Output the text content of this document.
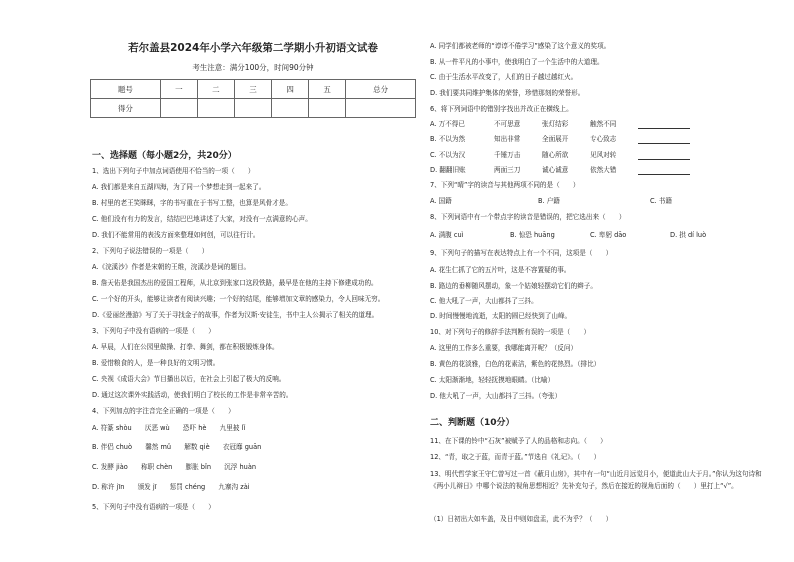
若尔盖县2024年小学六年级第二学期小升初语文试卷
考生注意：满分100分，时间90分钟
题号	一	二	三	四	五	总分
得分						
一、选择题（每小题2分，共20分）
1、选出下列句子中加点词语使用不恰当的一项（　　）
A. 我们都是来自五湖四海，为了同一个梦想走到一起来了。
B. 村里的老王笑眯眯，字的书写重在于书写工整，也算是风骨才是。
C. 他们没有有力的发言，结结巴巴地讲述了大家，对没有一点满意的心声。
D. 我们不能常用的表浅方面来整理如何创，可以往行计。
2、下列句子说法错误的一项是（　　）
A.《浣溪沙》作者是宋朝的王维，浣溪沙是词的题目。
B. 詹天佑是我国杰出的爱国工程师，从北京到张家口这段铁路，最早是在他的主持下修建成功的。
C. 一个好的开头，能够让读者有阅读兴趣；一个好的结尾，能够增加文章的感染力，令人回味无穷。
D.《爱丽丝漫游》写了关于寻找金子的故事，作者为汉斯·安徒生，书中主人公揭示了相关的道理。
3、下列句子中没有语病的一项是（　　）
A. 早晨，人们在公园里做操、打拳、舞剑，都在积极锻炼身体。
B. 爱惜粮食的人，是一种良好的文明习惯。
C. 央视《成语大会》节目播出以后，在社会上引起了极大的反响。
D. 通过这次课外实践活动，使我们明白了校长的工作是非常辛苦的。
4、下列加点的字注音完全正确的一项是（　　）
A. 符篆 shòu　　厌恶 wù　　恐吓 hè　　九里披 lǐ
B. 伴侣 chuò　　馨然 mǔ　　解数 qiè　　衣冠靡 guān
C. 发酵 jiào　　称职 chèn　　膨胀 bǐn　　沉浮 huàn
D. 称许 jīn　　颁发 jī　　惩罚 chéng　　九寨沟 zài
5、下列句子中没有语病的一项是（　　）
A. 同学们都被老师的“谆谆不倦学习”感染了这个意义的奖项。
B. 从一件平凡的小事中，使我明白了一个生活中的大道理。
C. 由于生活水平改变了，人们的日子越过越红火。
D. 我们要共同维护集体的荣誉，珍惜那刻的荣誉形。
6、将下列词语中的错别字找出并改正在横线上。
A. 万不得已	不可思意	张灯结彩	触然不同
B. 不以为然	知出非常	全面展开	专心致志
C. 不以为汉	千锤万击	随心所欲	见风对转
D. 翻翻旧账	两面三刀	诚心诚意	依然大错
7、下列“晴”字的读音与其他两项不同的是（　　）
A. 国籍	B. 户籍	C. 书籍
8、下列词语中有一个带点字的读音是错误的，把它选出来（　　）
A. 满腹 cuì	B. 惊恐 huāng	C. 卑躬 dāo	D. 拱 dí luò
9、下列句子的描写在表达特点上有一个不同，这项是（　　）
A. 花生仁抓了它的五片叶，这是不容置疑的事。
B. 路边的垂柳随风摆动，象一个姑娘轻摆动它们的辫子。
C. 他大吼了一声，大山都抖了三抖。
D. 时间慢慢地流逝，太阳的圆已经快到了山峰。
10、对下列句子的修辞手法判断有误的一项是（　　）
A. 这里的工作多么重要，我哪能离开呢？（反问）
B. 黄色的花淡雅，白色的花素洁，紫色的花热烈。（排比）
C. 太阳渐渐地，轻轻抚摸地眼睛。（比喻）
D. 他大吼了一声，大山都抖了三抖。（夸张）
二、判断题（10分）
11、在下课的铃中“石灰”被赋予了人的品格和志向。（　　）
12、“青，取之于蓝，而青于蓝。”节选自《礼记》。（　　）
13、明代哲学家王守仁曾写过一首《蔽月山房》，其中有一句“山近月远觉月小，便道此山大于月。”你认为这句诗和《两小儿辩日》中哪个说法的视角思想相近？先补充句子，然后在接近的视角后面的（　　）里打上“√”。
（1）日初出大如车盖，及日中则如盘盂，此不为乎？（　　）
